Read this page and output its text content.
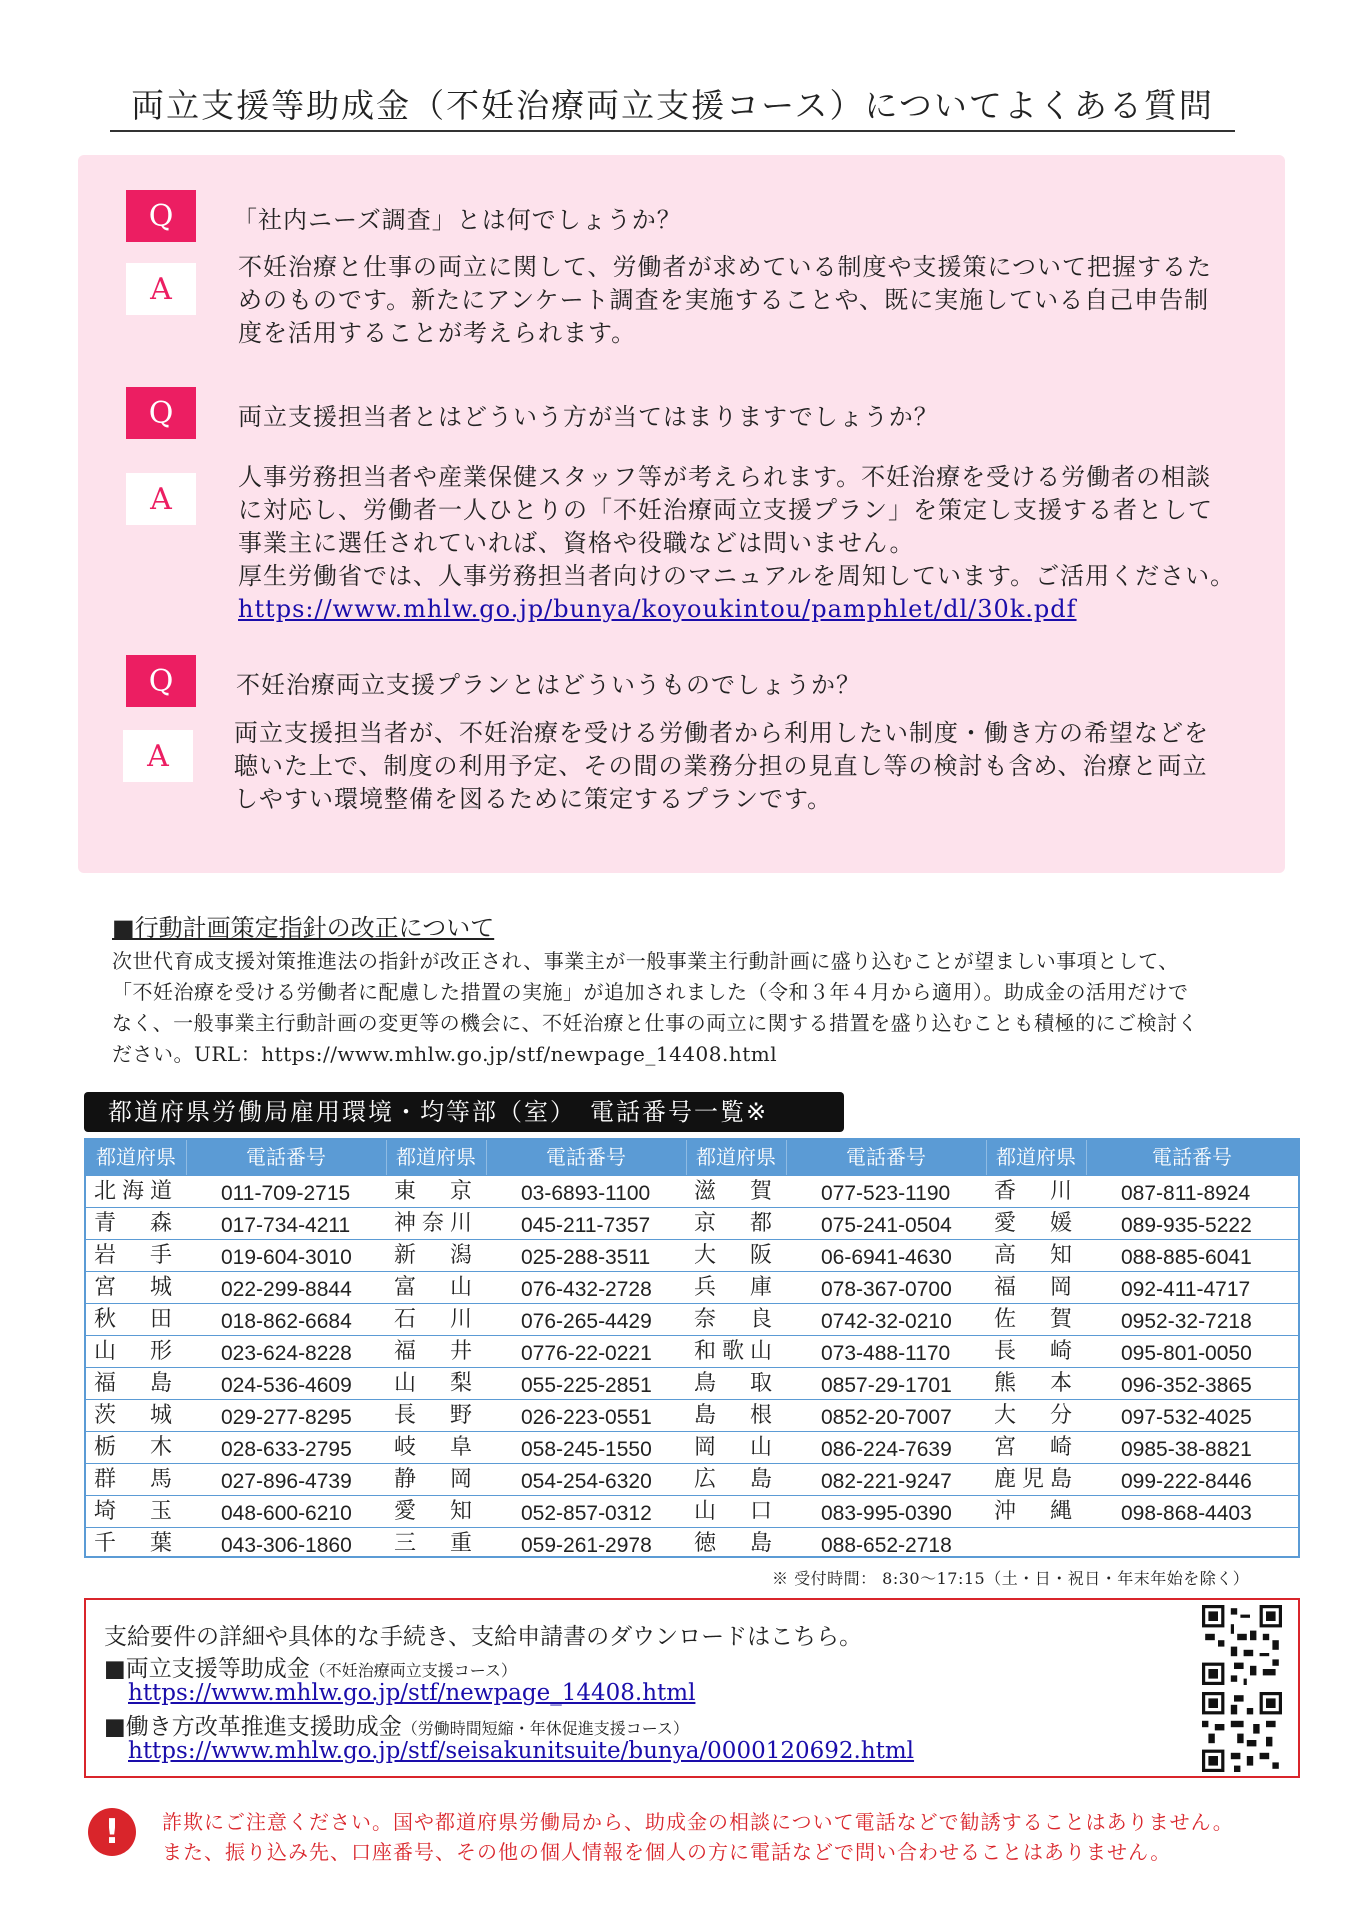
両立支援等助成金（不妊治療両立支援コース）についてよくある質問
Q	「社内ニーズ調査」とは何でしょうか？
A
不妊治療と仕事の両立に関して、労働者が求めている制度や支援策について把握するた
めのものです。新たにアンケート調査を実施することや、既に実施している自己申告制
度を活用することが考えられます。
Q	両立支援担当者とはどういう方が当てはまりますでしょうか？
A
人事労務担当者や産業保健スタッフ等が考えられます。不妊治療を受ける労働者の相談
に対応し、労働者一人ひとりの「不妊治療両立支援プラン」を策定し支援する者として
事業主に選任されていれば、資格や役職などは問いません。
厚生労働省では、人事労務担当者向けのマニュアルを周知しています。ご活用ください。
https://www.mhlw.go.jp/bunya/koyoukintou/pamphlet/dl/30k.pdf
Q	不妊治療両立支援プランとはどういうものでしょうか？
A
両立支援担当者が、不妊治療を受ける労働者から利用したい制度・働き方の希望などを
聴いた上で、制度の利用予定、その間の業務分担の見直し等の検討も含め、治療と両立
しやすい環境整備を図るために策定するプランです。
■行動計画策定指針の改正について
次世代育成支援対策推進法の指針が改正され、事業主が一般事業主行動計画に盛り込むことが望ましい事項として、
「不妊治療を受ける労働者に配慮した措置の実施」が追加されました（令和３年４月から適用）。助成金の活用だけで
なく、一般事業主行動計画の変更等の機会に、不妊治療と仕事の両立に関する措置を盛り込むことも積極的にご検討く
ださい。URL：https://www.mhlw.go.jp/stf/newpage_14408.html
都道府県労働局雇用環境・均等部（室）　電話番号一覧※
都道府県	電話番号	都道府県	電話番号	都道府県	電話番号	都道府県	電話番号
北海道	011-709-2715	東　京	03-6893-1100	滋　賀	077-523-1190	香　川	087-811-8924
青　森	017-734-4211	神奈川	045-211-7357	京　都	075-241-0504	愛　媛	089-935-5222
岩　手	019-604-3010	新　潟	025-288-3511	大　阪	06-6941-4630	高　知	088-885-6041
宮　城	022-299-8844	富　山	076-432-2728	兵　庫	078-367-0700	福　岡	092-411-4717
秋　田	018-862-6684	石　川	076-265-4429	奈　良	0742-32-0210	佐　賀	0952-32-7218
山　形	023-624-8228	福　井	0776-22-0221	和歌山	073-488-1170	長　崎	095-801-0050
福　島	024-536-4609	山　梨	055-225-2851	鳥　取	0857-29-1701	熊　本	096-352-3865
茨　城	029-277-8295	長　野	026-223-0551	島　根	0852-20-7007	大　分	097-532-4025
栃　木	028-633-2795	岐　阜	058-245-1550	岡　山	086-224-7639	宮　崎	0985-38-8821
群　馬	027-896-4739	静　岡	054-254-6320	広　島	082-221-9247	鹿児島	099-222-8446
埼　玉	048-600-6210	愛　知	052-857-0312	山　口	083-995-0390	沖　縄	098-868-4403
千　葉	043-306-1860	三　重	059-261-2978	徳　島	088-652-2718
※ 受付時間： 8:30～17:15（土・日・祝日・年末年始を除く）
支給要件の詳細や具体的な手続き、支給申請書のダウンロードはこちら。
■両立支援等助成金（不妊治療両立支援コース）
https://www.mhlw.go.jp/stf/newpage_14408.html
■働き方改革推進支援助成金（労働時間短縮・年休促進支援コース）
https://www.mhlw.go.jp/stf/seisakunitsuite/bunya/0000120692.html
!	詐欺にご注意ください。国や都道府県労働局から、助成金の相談について電話などで勧誘することはありません。
また、振り込み先、口座番号、その他の個人情報を個人の方に電話などで問い合わせることはありません。
